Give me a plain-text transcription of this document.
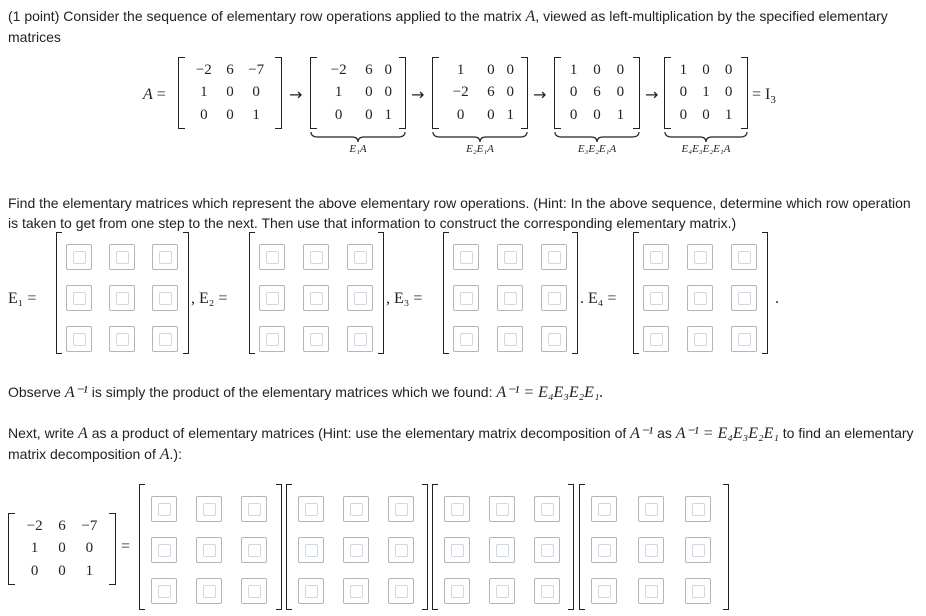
(1 point) Consider the sequence of elementary row operations applied to the matrix A, viewed as left-multiplication by the specified elementary matrices

A =
−2	6	−7
1	0	0
0	0	1
→
−2	6	0
1	0	0
0	0	1
→
1	0	0
−2	6	0
0	0	1
→
1	0	0
0	6	0
0	0	1
→
1	0	0
0	1	0
0	0	1
= $I_3$
E₁A	E₂E₁A	E₃E₂E₁A	E₄E₃E₂E₁A

Find the elementary matrices which represent the above elementary row operations. (Hint: In the above sequence, determine which row operation is taken to get from one step to the next. Then use that information to construct the corresponding elementary matrix.)

E₁ =	, E₂ =	, E₃ =	. E₄ =	.

Observe A⁻¹ is simply the product of the elementary matrices which we found: A⁻¹ = E₄E₃E₂E₁.

Next, write A as a product of elementary matrices (Hint: use the elementary matrix decomposition of A⁻¹ as A⁻¹ = E₄E₃E₂E₁ to find an elementary matrix decomposition of A.):

−2	6	−7
1	0	0
0	0	1
=
